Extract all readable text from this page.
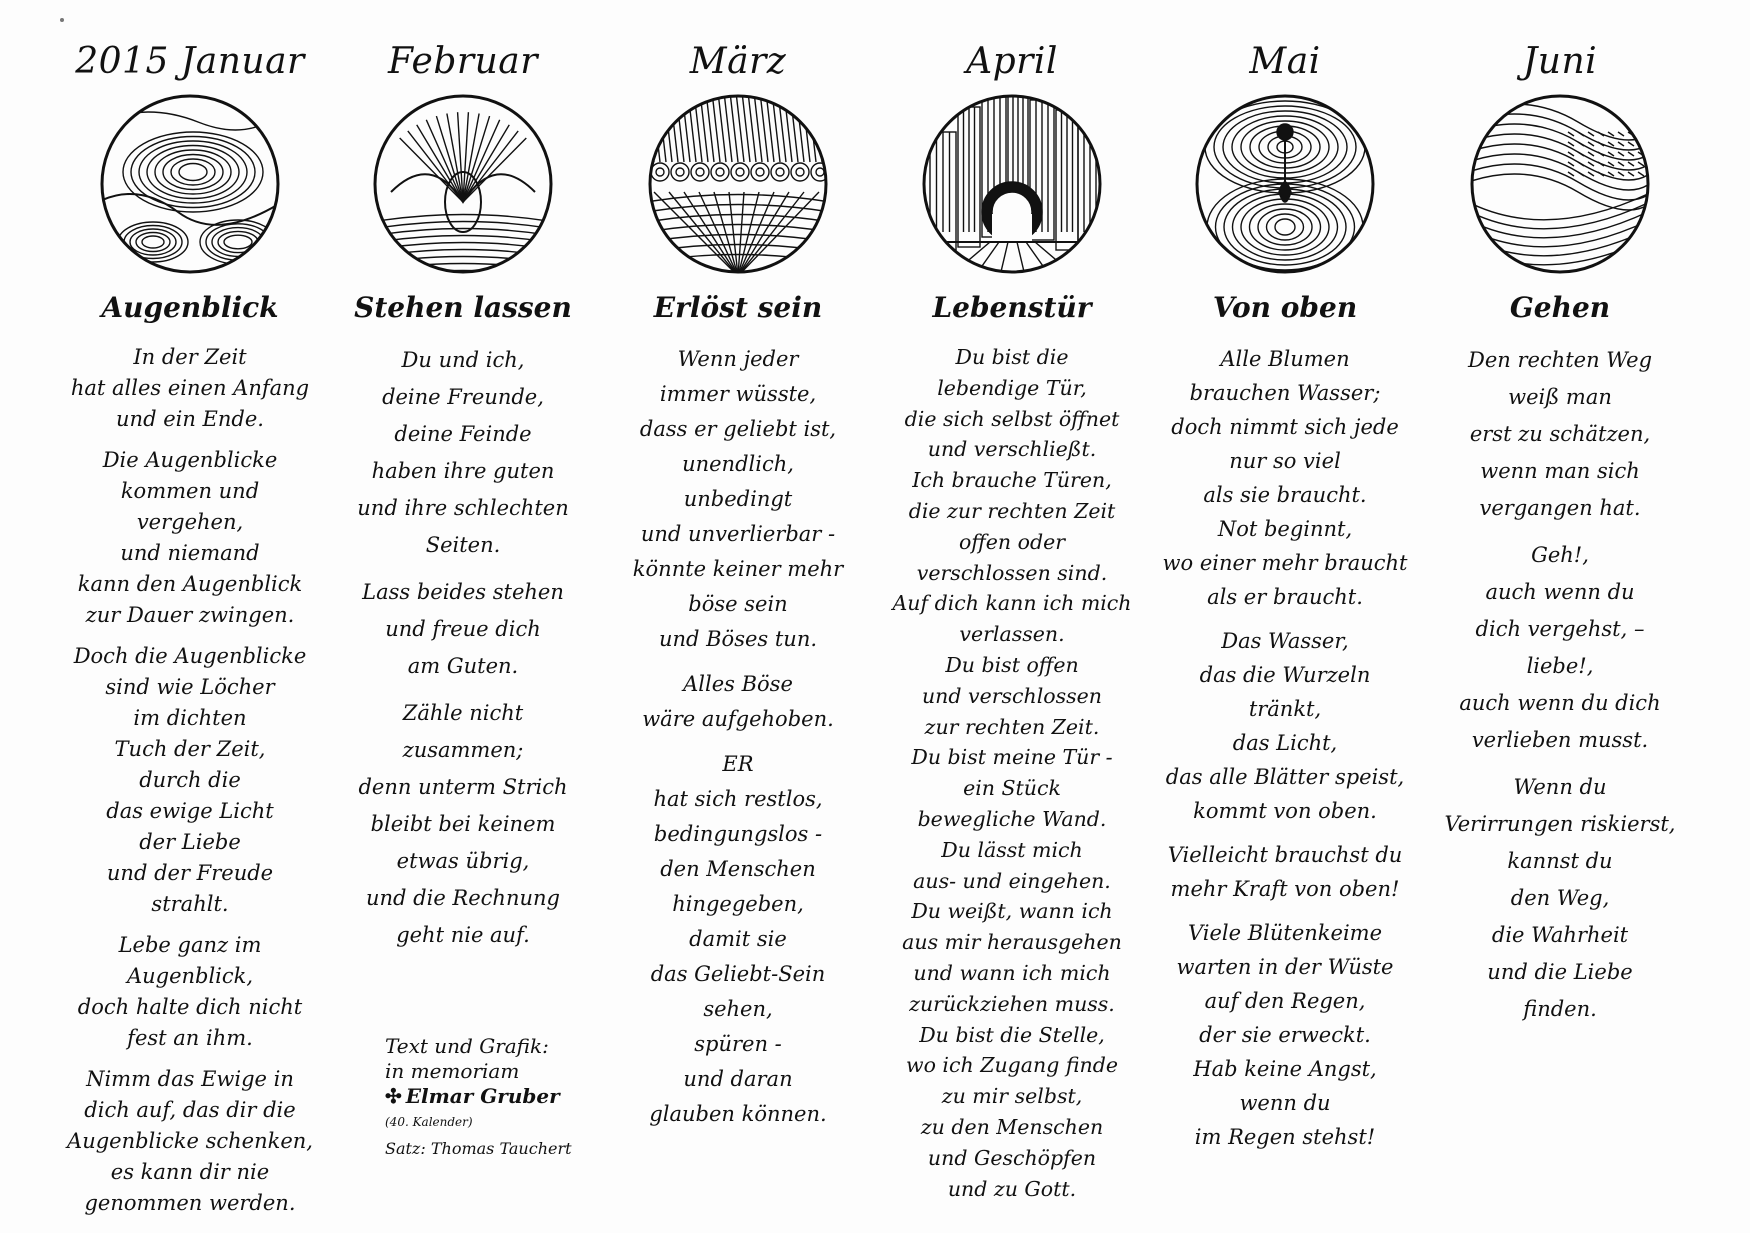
2015 Januar
Augenblick
In der Zeit
hat alles einen Anfang
und ein Ende.
Die Augenblicke
kommen und
vergehen,
und niemand
kann den Augenblick
zur Dauer zwingen.
Doch die Augenblicke
sind wie Löcher
im dichten
Tuch der Zeit,
durch die
das ewige Licht
der Liebe
und der Freude
strahlt.
Lebe ganz im
Augenblick,
doch halte dich nicht
fest an ihm.
Nimm das Ewige in
dich auf, das dir die
Augenblicke schenken,
es kann dir nie
genommen werden.
Februar
Stehen lassen
Du und ich,
deine Freunde,
deine Feinde
haben ihre guten
und ihre schlechten
Seiten.
Lass beides stehen
und freue dich
am Guten.
Zähle nicht
zusammen;
denn unterm Strich
bleibt bei keinem
etwas übrig,
und die Rechnung
geht nie auf.
März
Erlöst sein
Wenn jeder
immer wüsste,
dass er geliebt ist,
unendlich,
unbedingt
und unverlierbar -
könnte keiner mehr
böse sein
und Böses tun.
Alles Böse
wäre aufgehoben.
ER
hat sich restlos,
bedingungslos -
den Menschen
hingegeben,
damit sie
das Geliebt-Sein
sehen,
spüren -
und daran
glauben können.
April
Lebenstür
Du bist die
lebendige Tür,
die sich selbst öffnet
und verschließt.
Ich brauche Türen,
die zur rechten Zeit
offen oder
verschlossen sind.
Auf dich kann ich mich
verlassen.
Du bist offen
und verschlossen
zur rechten Zeit.
Du bist meine Tür -
ein Stück
bewegliche Wand.
Du lässt mich
aus- und eingehen.
Du weißt, wann ich
aus mir herausgehen
und wann ich mich
zurückziehen muss.
Du bist die Stelle,
wo ich Zugang finde
zu mir selbst,
zu den Menschen
und Geschöpfen
und zu Gott.
Mai
Von oben
Alle Blumen
brauchen Wasser;
doch nimmt sich jede
nur so viel
als sie braucht.
Not beginnt,
wo einer mehr braucht
als er braucht.
Das Wasser,
das die Wurzeln
tränkt,
das Licht,
das alle Blätter speist,
kommt von oben.
Vielleicht brauchst du
mehr Kraft von oben!
Viele Blütenkeime
warten in der Wüste
auf den Regen,
der sie erweckt.
Hab keine Angst,
wenn du
im Regen stehst!
Juni
Gehen
Den rechten Weg
weiß man
erst zu schätzen,
wenn man sich
vergangen hat.
Geh!,
auch wenn du
dich vergehst, –
liebe!,
auch wenn du dich
verlieben musst.
Wenn du
Verirrungen riskierst,
kannst du
den Weg,
die Wahrheit
und die Liebe
finden.
Text und Grafik:
in memoriam
✣ Elmar Gruber
(40. Kalender)
Satz: Thomas Tauchert
